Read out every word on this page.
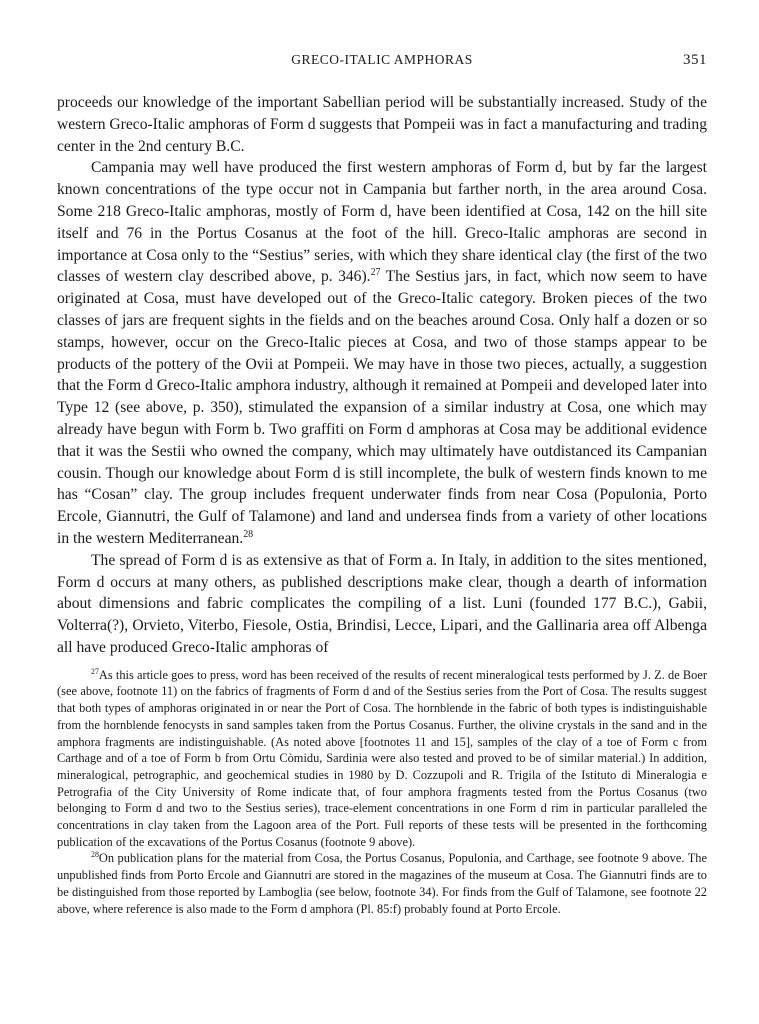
GRECO-ITALIC AMPHORAS	351

proceeds our knowledge of the important Sabellian period will be substantially increased. Study of the western Greco-Italic amphoras of Form d suggests that Pompeii was in fact a manufacturing and trading center in the 2nd century B.C.

Campania may well have produced the first western amphoras of Form d, but by far the largest known concentrations of the type occur not in Campania but farther north, in the area around Cosa. Some 218 Greco-Italic amphoras, mostly of Form d, have been identified at Cosa, 142 on the hill site itself and 76 in the Portus Cosanus at the foot of the hill. Greco-Italic amphoras are second in importance at Cosa only to the “Sestius” series, with which they share identical clay (the first of the two classes of western clay described above, p. 346).$^{27}$ The Sestius jars, in fact, which now seem to have originated at Cosa, must have developed out of the Greco-Italic category. Broken pieces of the two classes of jars are frequent sights in the fields and on the beaches around Cosa. Only half a dozen or so stamps, however, occur on the Greco-Italic pieces at Cosa, and two of those stamps appear to be products of the pottery of the Ovii at Pompeii. We may have in those two pieces, actually, a suggestion that the Form d Greco-Italic amphora industry, although it remained at Pompeii and developed later into Type 12 (see above, p. 350), stimulated the expansion of a similar industry at Cosa, one which may already have begun with Form b. Two graffiti on Form d amphoras at Cosa may be additional evidence that it was the Sestii who owned the company, which may ultimately have outdistanced its Campanian cousin. Though our knowledge about Form d is still incomplete, the bulk of western finds known to me has “Cosan” clay. The group includes frequent underwater finds from near Cosa (Populonia, Porto Ercole, Giannutri, the Gulf of Talamone) and land and undersea finds from a variety of other locations in the western Mediterranean.$^{28}$

The spread of Form d is as extensive as that of Form a. In Italy, in addition to the sites mentioned, Form d occurs at many others, as published descriptions make clear, though a dearth of information about dimensions and fabric complicates the compiling of a list. Luni (founded 177 B.C.), Gabii, Volterra(?), Orvieto, Viterbo, Fiesole, Ostia, Brindisi, Lecce, Lipari, and the Gallinaria area off Albenga all have produced Greco-Italic amphoras of

$^{27}$As this article goes to press, word has been received of the results of recent mineralogical tests performed by J. Z. de Boer (see above, footnote 11) on the fabrics of fragments of Form d and of the Sestius series from the Port of Cosa. The results suggest that both types of amphoras originated in or near the Port of Cosa. The hornblende in the fabric of both types is indistinguishable from the hornblende fenocysts in sand samples taken from the Portus Cosanus. Further, the olivine crystals in the sand and in the amphora fragments are indistinguishable. (As noted above [footnotes 11 and 15], samples of the clay of a toe of Form c from Carthage and of a toe of Form b from Ortu Còmidu, Sardinia were also tested and proved to be of similar material.) In addition, mineralogical, petrographic, and geochemical studies in 1980 by D. Cozzupoli and R. Trigila of the Istituto di Mineralogia e Petrografia of the City University of Rome indicate that, of four amphora fragments tested from the Portus Cosanus (two belonging to Form d and two to the Sestius series), trace-element concentrations in one Form d rim in particular paralleled the concentrations in clay taken from the Lagoon area of the Port. Full reports of these tests will be presented in the forthcoming publication of the excavations of the Portus Cosanus (footnote 9 above).

$^{28}$On publication plans for the material from Cosa, the Portus Cosanus, Populonia, and Carthage, see footnote 9 above. The unpublished finds from Porto Ercole and Giannutri are stored in the magazines of the museum at Cosa. The Giannutri finds are to be distinguished from those reported by Lamboglia (see below, footnote 34). For finds from the Gulf of Talamone, see footnote 22 above, where reference is also made to the Form d amphora (Pl. 85:f) probably found at Porto Ercole.
